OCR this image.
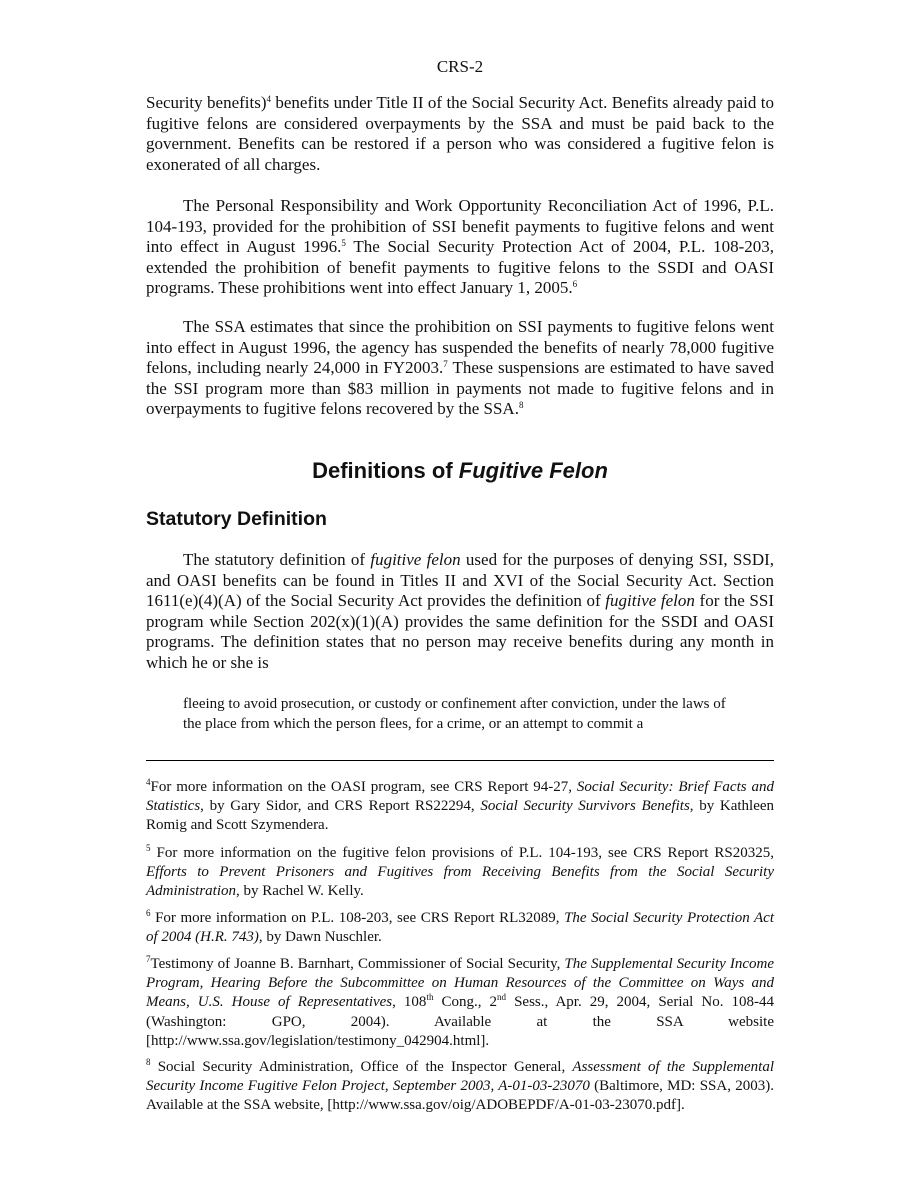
CRS-2

Security benefits)$^4$ benefits under Title II of the Social Security Act. Benefits already paid to fugitive felons are considered overpayments by the SSA and must be paid back to the government. Benefits can be restored if a person who was considered a fugitive felon is exonerated of all charges.

The Personal Responsibility and Work Opportunity Reconciliation Act of 1996, P.L. 104-193, provided for the prohibition of SSI benefit payments to fugitive felons and went into effect in August 1996.$^5$ The Social Security Protection Act of 2004, P.L. 108-203, extended the prohibition of benefit payments to fugitive felons to the SSDI and OASI programs. These prohibitions went into effect January 1, 2005.$^6$

The SSA estimates that since the prohibition on SSI payments to fugitive felons went into effect in August 1996, the agency has suspended the benefits of nearly 78,000 fugitive felons, including nearly 24,000 in FY2003.$^7$ These suspensions are estimated to have saved the SSI program more than $83 million in payments not made to fugitive felons and in overpayments to fugitive felons recovered by the SSA.$^8$

Definitions of Fugitive Felon
Statutory Definition

The statutory definition of fugitive felon used for the purposes of denying SSI, SSDI, and OASI benefits can be found in Titles II and XVI of the Social Security Act. Section 1611(e)(4)(A) of the Social Security Act provides the definition of fugitive felon for the SSI program while Section 202(x)(1)(A) provides the same definition for the SSDI and OASI programs. The definition states that no person may receive benefits during any month in which he or she is

fleeing to avoid prosecution, or custody or confinement after conviction, under the laws of the place from which the person flees, for a crime, or an attempt to commit a
$^4$For more information on the OASI program, see CRS Report 94-27, Social Security: Brief Facts and Statistics, by Gary Sidor, and CRS Report RS22294, Social Security Survivors Benefits, by Kathleen Romig and Scott Szymendera.
$^5$ For more information on the fugitive felon provisions of P.L. 104-193, see CRS Report RS20325, Efforts to Prevent Prisoners and Fugitives from Receiving Benefits from the Social Security Administration, by Rachel W. Kelly.
$^6$ For more information on P.L. 108-203, see CRS Report RL32089, The Social Security Protection Act of 2004 (H.R. 743), by Dawn Nuschler.
$^7$Testimony of Joanne B. Barnhart, Commissioner of Social Security, The Supplemental Security Income Program, Hearing Before the Subcommittee on Human Resources of the Committee on Ways and Means, U.S. House of Representatives, 108th Cong., 2nd Sess., Apr. 29, 2004, Serial No. 108-44 (Washington: GPO, 2004). Available at the SSA website [http://www.ssa.gov/legislation/testimony_042904.html].
$^8$ Social Security Administration, Office of the Inspector General, Assessment of the Supplemental Security Income Fugitive Felon Project, September 2003, A-01-03-23070 (Baltimore, MD: SSA, 2003). Available at the SSA website, [http://www.ssa.gov/oig/ADOBEPDF/A-01-03-23070.pdf].
